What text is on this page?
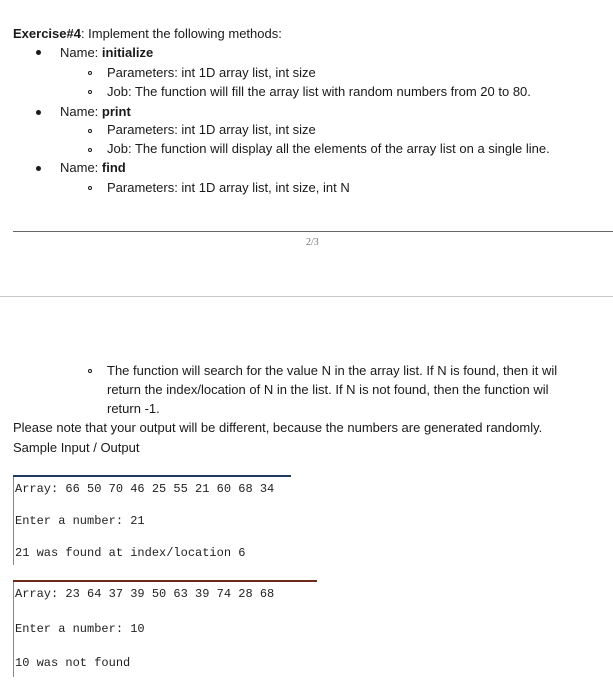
Exercise#4: Implement the following methods:
Name: initialize
Parameters: int 1D array list, int size
Job: The function will fill the array list with random numbers from 20 to 80.
Name: print
Parameters: int 1D array list, int size
Job: The function will display all the elements of the array list on a single line.
Name: find
Parameters: int 1D array list, int size, int N
2/3
The function will search for the value N in the array list. If N is found, then it wil
return the index/location of N in the list. If N is not found, then the function wil
return -1.
Please note that your output will be different, because the numbers are generated randomly.
Sample Input / Output
Array: 66 50 70 46 25 55 21 60 68 34
Enter a number: 21
21 was found at index/location 6
Array: 23 64 37 39 50 63 39 74 28 68
Enter a number: 10
10 was not found
